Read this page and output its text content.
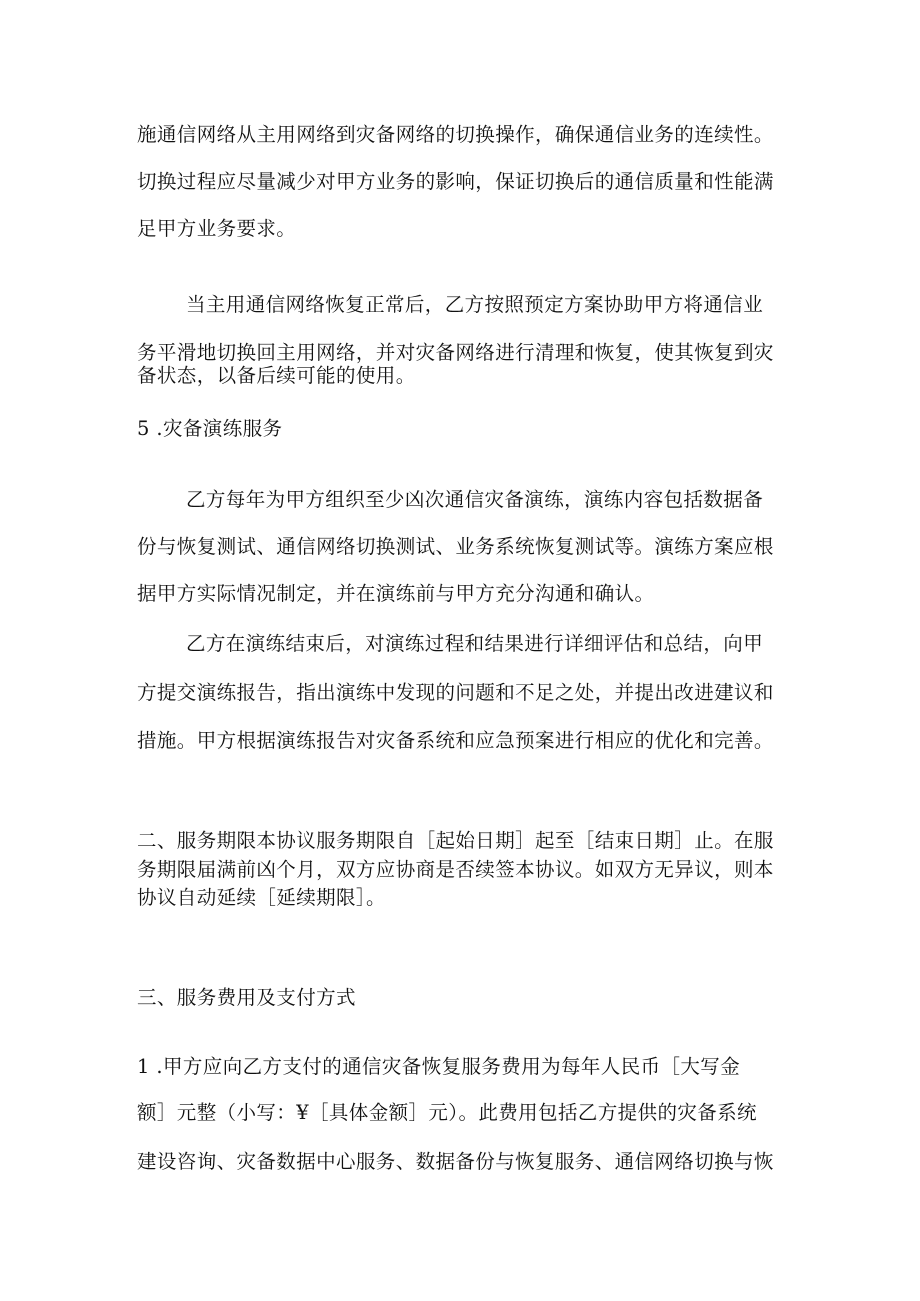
施通信网络从主用网络到灾备网络的切换操作，确保通信业务的连续性。
切换过程应尽量减少对甲方业务的影响，保证切换后的通信质量和性能满
足甲方业务要求。
当主用通信网络恢复正常后，乙方按照预定方案协助甲方将通信业
务平滑地切换回主用网络，并对灾备网络进行清理和恢复，使其恢复到灾
备状态，以备后续可能的使用。
5 .灾备演练服务
乙方每年为甲方组织至少凶次通信灾备演练，演练内容包括数据备
份与恢复测试、通信网络切换测试、业务系统恢复测试等。演练方案应根
据甲方实际情况制定，并在演练前与甲方充分沟通和确认。
乙方在演练结束后，对演练过程和结果进行详细评估和总结，向甲
方提交演练报告，指出演练中发现的问题和不足之处，并提出改进建议和
措施。甲方根据演练报告对灾备系统和应急预案进行相应的优化和完善。
二、服务期限本协议服务期限自［起始日期］起至［结束日期］止。在服
务期限届满前凶个月，双方应协商是否续签本协议。如双方无异议，则本
协议自动延续［延续期限］。
三、服务费用及支付方式
1 .甲方应向乙方支付的通信灾备恢复服务费用为每年人民币［大写金
额］元整（小写：¥［具体金额］元）。此费用包括乙方提供的灾备系统
建设咨询、灾备数据中心服务、数据备份与恢复服务、通信网络切换与恢
